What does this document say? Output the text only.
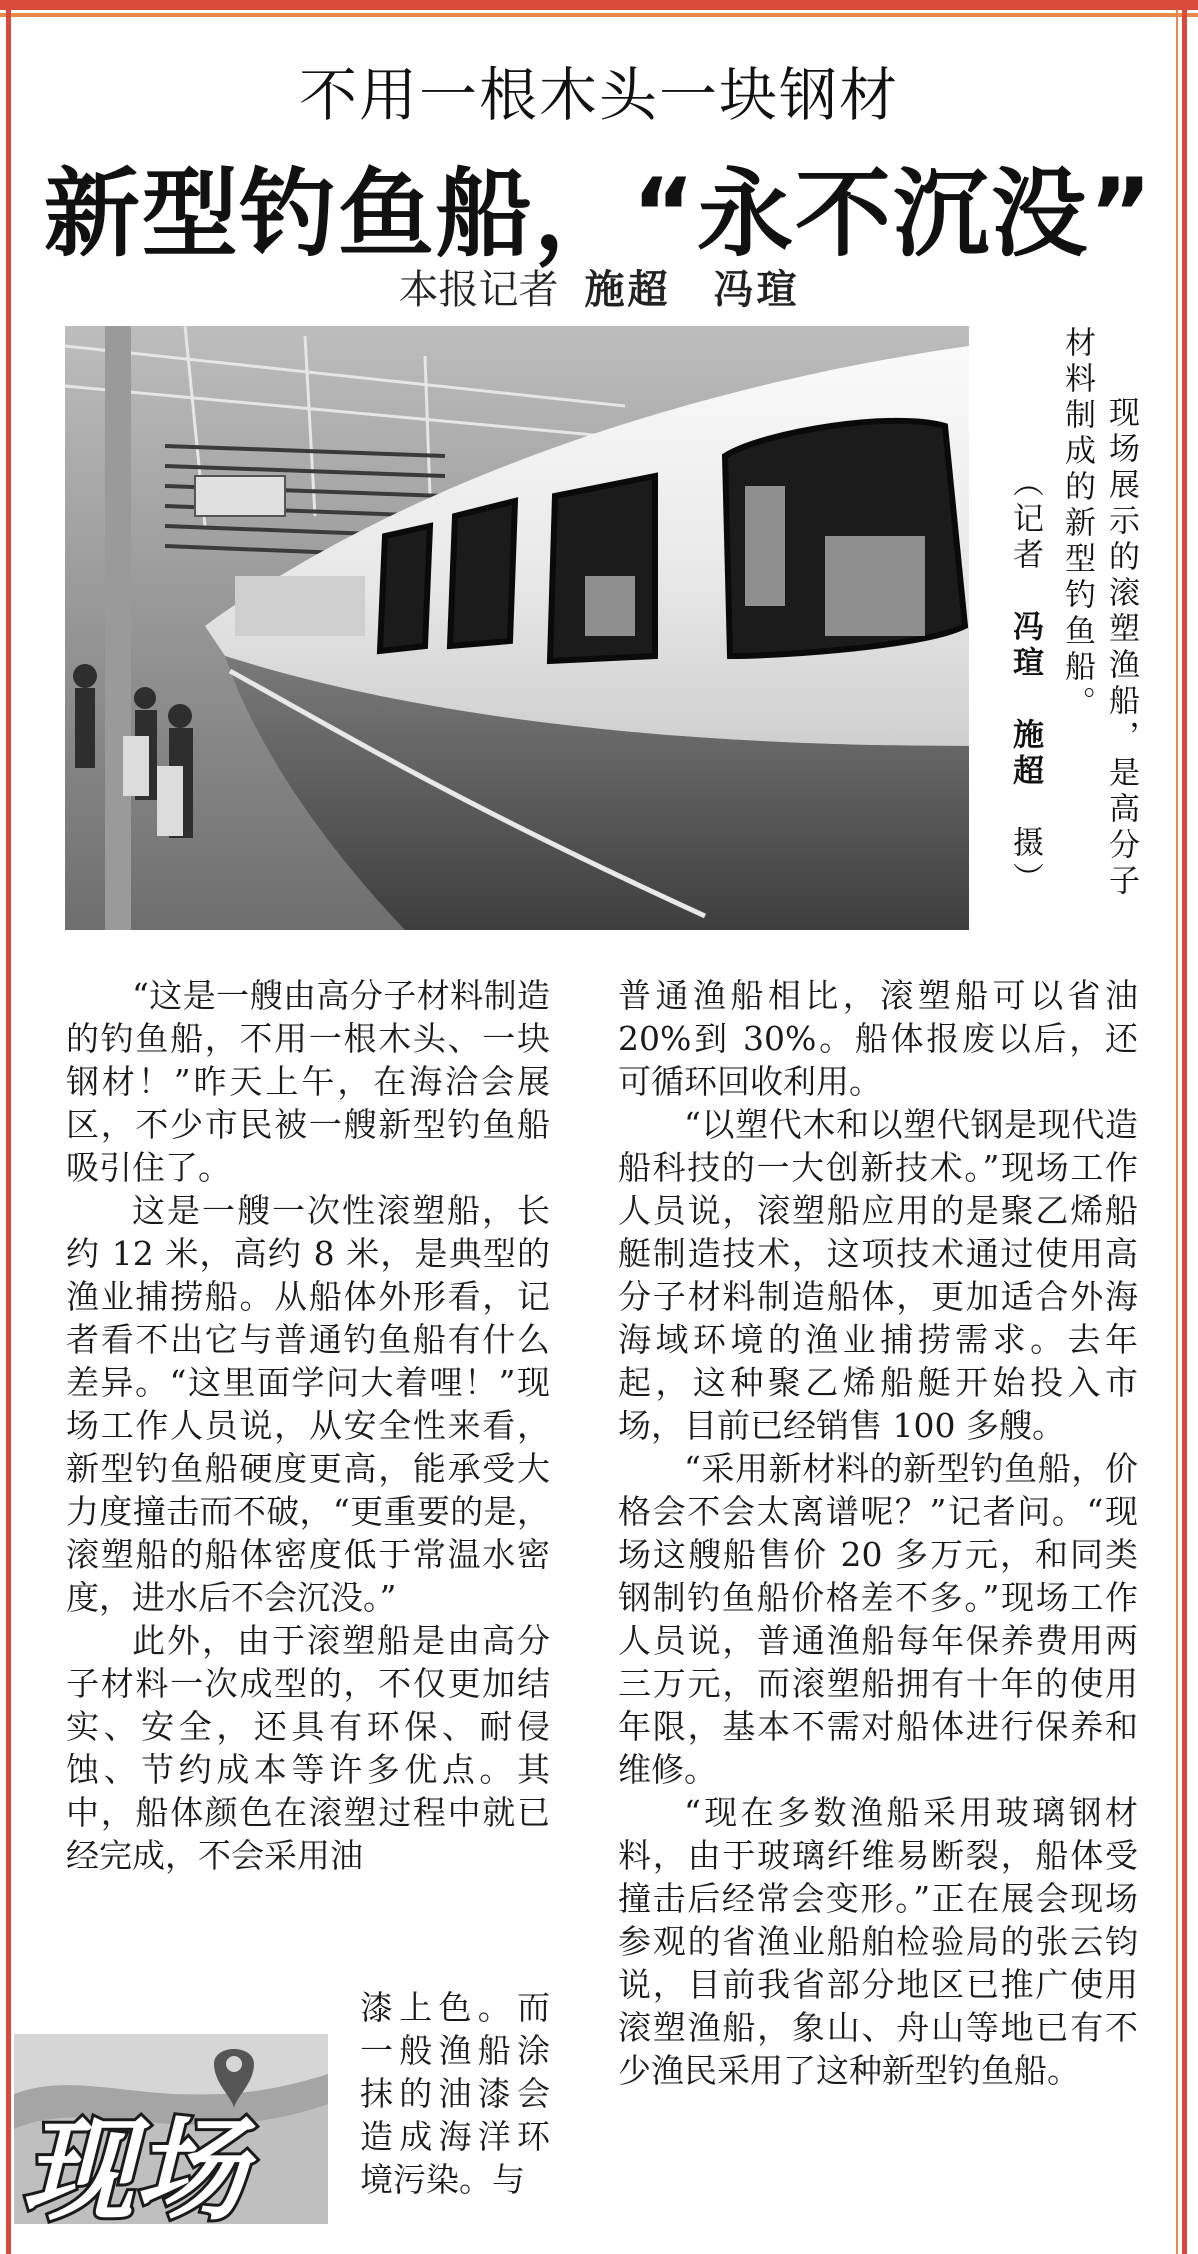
不用一根木头一块钢材
新型钓鱼船，“永不沉没”
本报记者 施超　冯瑄
现场展示的滚塑渔船，是高分子
材料制成的新型钓鱼船。
（记者　冯瑄　施超　摄）

“这是一艘由高分子材料制造的钓鱼船，不用一根木头、一块钢材！”昨天上午，在海洽会展区，不少市民被一艘新型钓鱼船吸引住了。

这是一艘一次性滚塑船，长约 12 米，高约 8 米，是典型的渔业捕捞船。从船体外形看，记者看不出它与普通钓鱼船有什么差异。“这里面学问大着哩！”现场工作人员说，从安全性来看，新型钓鱼船硬度更高，能承受大力度撞击而不破，“更重要的是，滚塑船的船体密度低于常温水密度，进水后不会沉没。”

此外，由于滚塑船是由高分子材料一次成型的，不仅更加结实、安全，还具有环保、耐侵蚀、节约成本等许多优点。其中，船体颜色在滚塑过程中就已经完成，不会采用油

漆上色。而一般渔船涂抹的油漆会造成海洋环境污染。与

普通渔船相比，滚塑船可以省油 20%到 30%。船体报废以后，还可循环回收利用。

“以塑代木和以塑代钢是现代造船科技的一大创新技术。”现场工作人员说，滚塑船应用的是聚乙烯船艇制造技术，这项技术通过使用高分子材料制造船体，更加适合外海海域环境的渔业捕捞需求。去年起，这种聚乙烯船艇开始投入市场，目前已经销售 100 多艘。

“采用新材料的新型钓鱼船，价格会不会太离谱呢？”记者问。“现场这艘船售价 20 多万元，和同类钢制钓鱼船价格差不多。”现场工作人员说，普通渔船每年保养费用两三万元，而滚塑船拥有十年的使用年限，基本不需对船体进行保养和维修。

“现在多数渔船采用玻璃钢材料，由于玻璃纤维易断裂，船体受撞击后经常会变形。”正在展会现场参观的省渔业船舶检验局的张云钧说，目前我省部分地区已推广使用滚塑渔船，象山、舟山等地已有不少渔民采用了这种新型钓鱼船。

现场
